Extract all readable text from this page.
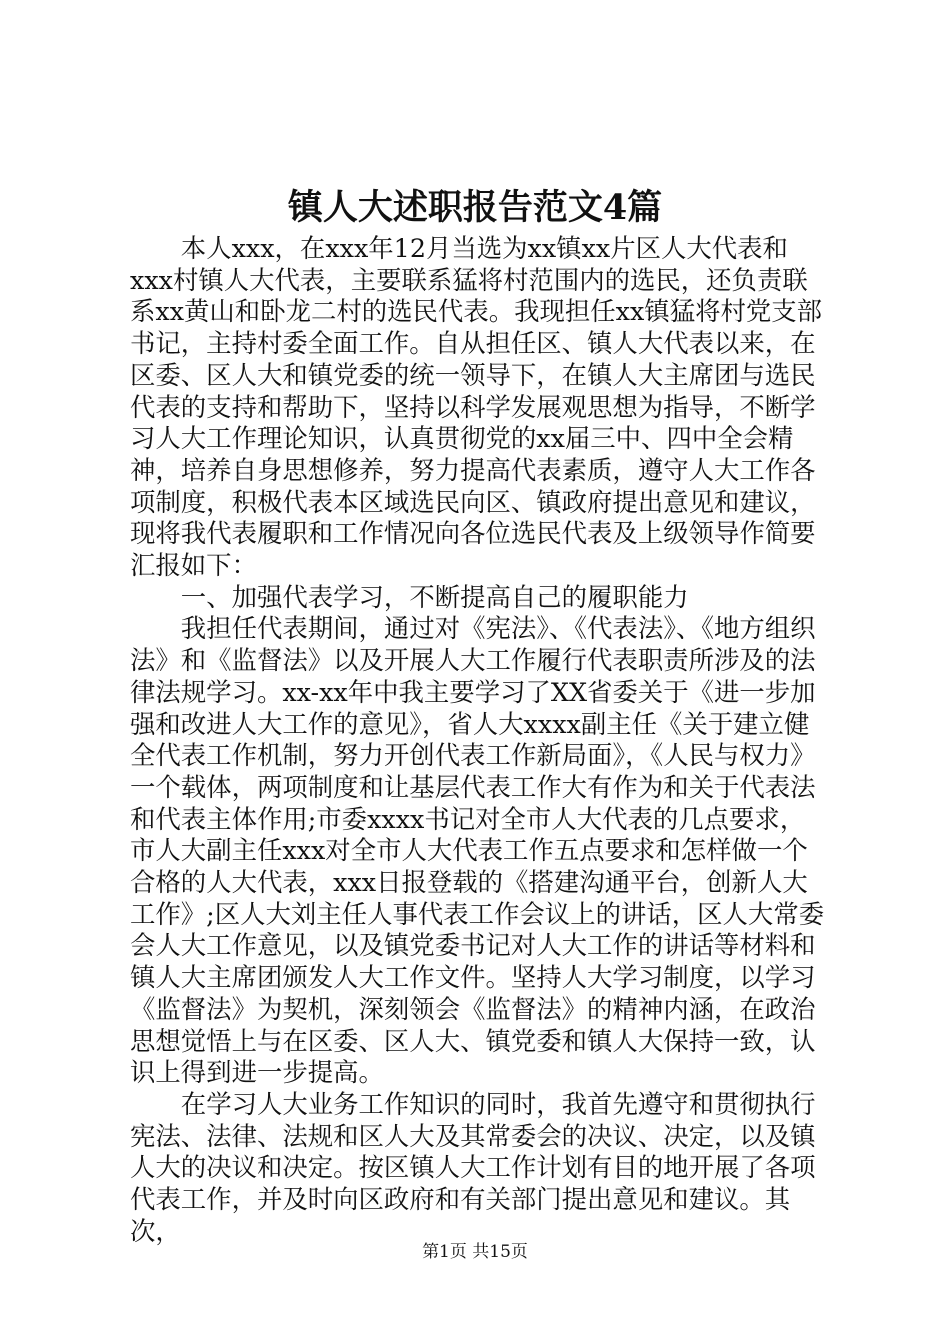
镇人大述职报告范文4篇

本人xxx，在xxx年12月当选为xx镇xx片区人大代表和xxx村镇人大代表，主要联系猛将村范围内的选民，还负责联系xx黄山和卧龙二村的选民代表。我现担任xx镇猛将村党支部书记，主持村委全面工作。自从担任区、镇人大代表以来，在区委、区人大和镇党委的统一领导下，在镇人大主席团与选民代表的支持和帮助下，坚持以科学发展观思想为指导，不断学习人大工作理论知识，认真贯彻党的xx届三中、四中全会精神，培养自身思想修养，努力提高代表素质，遵守人大工作各项制度，积极代表本区域选民向区、镇政府提出意见和建议，现将我代表履职和工作情况向各位选民代表及上级领导作简要汇报如下：

一、加强代表学习，不断提高自己的履职能力

我担任代表期间，通过对《宪法》、《代表法》、《地方组织法》和《监督法》以及开展人大工作履行代表职责所涉及的法律法规学习。xx-xx年中我主要学习了XX省委关于《进一步加强和改进人大工作的意见》，省人大xxxx副主任《关于建立健全代表工作机制，努力开创代表工作新局面》，《人民与权力》一个载体，两项制度和让基层代表工作大有作为和关于代表法和代表主体作用;市委xxxx书记对全市人大代表的几点要求，市人大副主任xxx对全市人大代表工作五点要求和怎样做一个合格的人大代表，xxx日报登载的《搭建沟通平台，创新人大工作》;区人大刘主任人事代表工作会议上的讲话，区人大常委会人大工作意见，以及镇党委书记对人大工作的讲话等材料和镇人大主席团颁发人大工作文件。坚持人大学习制度，以学习《监督法》为契机，深刻领会《监督法》的精神内涵，在政治思想觉悟上与在区委、区人大、镇党委和镇人大保持一致，认识上得到进一步提高。

在学习人大业务工作知识的同时，我首先遵守和贯彻执行宪法、法律、法规和区人大及其常委会的决议、决定，以及镇人大的决议和决定。按区镇人大工作计划有目的地开展了各项代表工作，并及时向区政府和有关部门提出意见和建议。其次，

第1页 共15页
